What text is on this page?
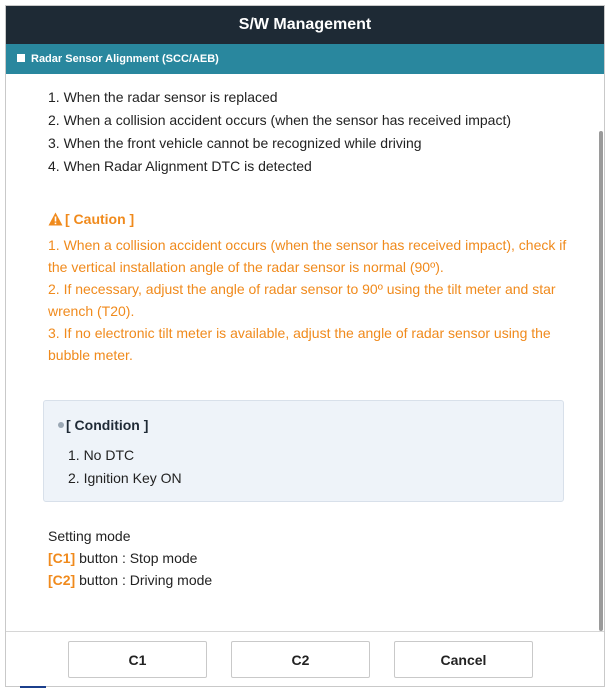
S/W Management
Radar Sensor Alignment (SCC/AEB)
1. When the radar sensor is replaced
2. When a collision accident occurs (when the sensor has received impact)
3. When the front vehicle cannot be recognized while driving
4. When Radar Alignment DTC is detected
[ Caution ]

1. When a collision accident occurs (when the sensor has received impact), check if the vertical installation angle of the radar sensor is normal (90º).

2. If necessary, adjust the angle of radar sensor to 90º using the tilt meter and star wrench (T20).

3. If no electronic tilt meter is available, adjust the angle of radar sensor using the bubble meter.

[ Condition ]
1. No DTC
2. Ignition Key ON
Setting mode
[C1] button : Stop mode
[C2] button : Driving mode
C1	C2	Cancel
